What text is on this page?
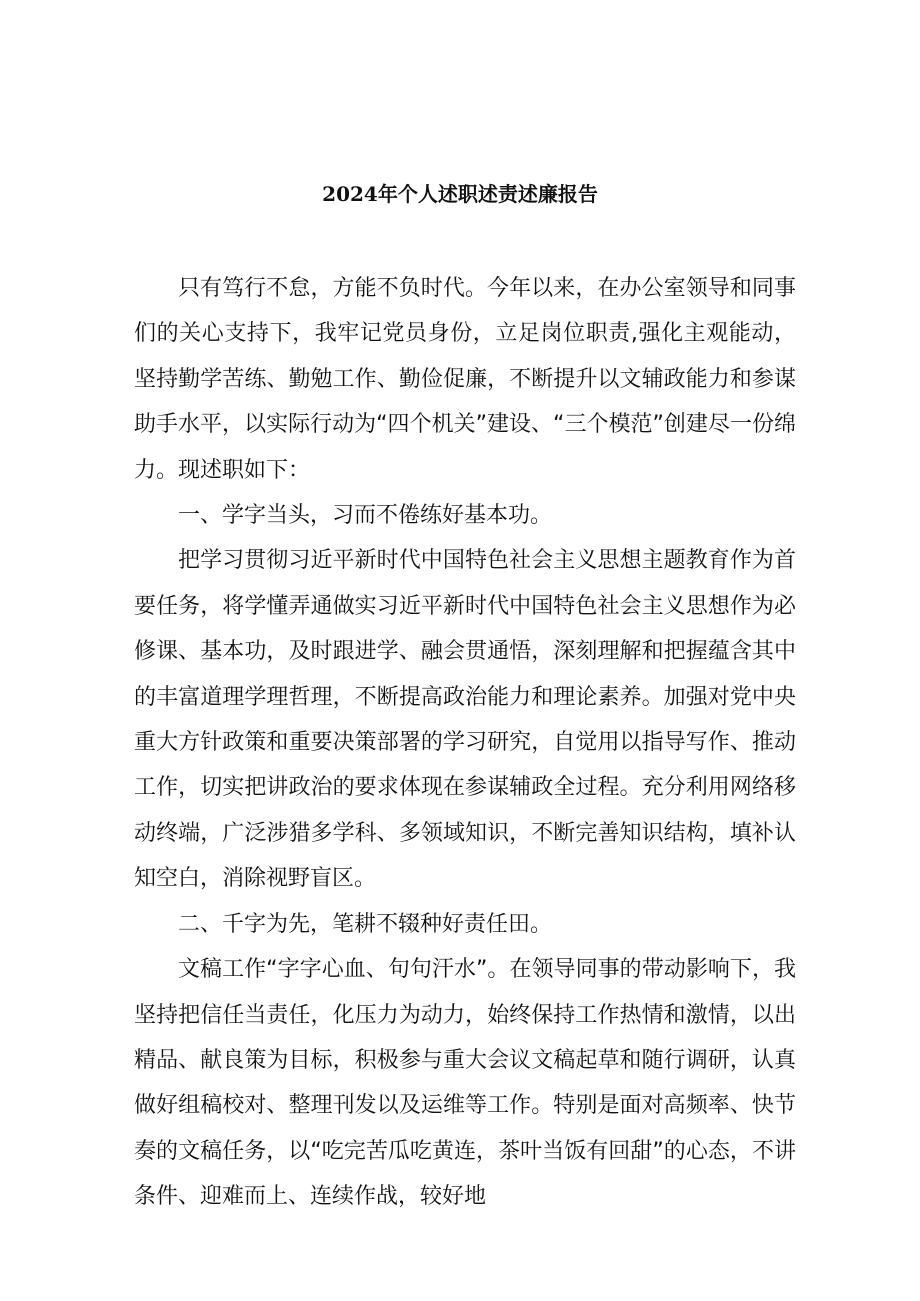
2024年个人述职述责述廉报告

只有笃行不怠，方能不负时代。今年以来，在办公室领导和同事们的关心支持下，我牢记党员身份，立足岗位职责,强化主观能动，坚持勤学苦练、勤勉工作、勤俭促廉，不断提升以文辅政能力和参谋助手水平，以实际行动为“四个机关”建设、“三个模范”创建尽一份绵力。现述职如下：

一、学字当头，习而不倦练好基本功。

把学习贯彻习近平新时代中国特色社会主义思想主题教育作为首要任务，将学懂弄通做实习近平新时代中国特色社会主义思想作为必修课、基本功，及时跟进学、融会贯通悟，深刻理解和把握蕴含其中的丰富道理学理哲理，不断提高政治能力和理论素养。加强对党中央重大方针政策和重要决策部署的学习研究，自觉用以指导写作、推动工作，切实把讲政治的要求体现在参谋辅政全过程。充分利用网络移动终端，广泛涉猎多学科、多领域知识，不断完善知识结构，填补认知空白，消除视野盲区。

二、千字为先，笔耕不辍种好责任田。

文稿工作“字字心血、句句汗水”。在领导同事的带动影响下，我坚持把信任当责任，化压力为动力，始终保持工作热情和激情，以出精品、献良策为目标，积极参与重大会议文稿起草和随行调研，认真做好组稿校对、整理刊发以及运维等工作。特别是面对高频率、快节奏的文稿任务，以“吃完苦瓜吃黄连，茶叶当饭有回甜”的心态，不讲条件、迎难而上、连续作战，较好地
